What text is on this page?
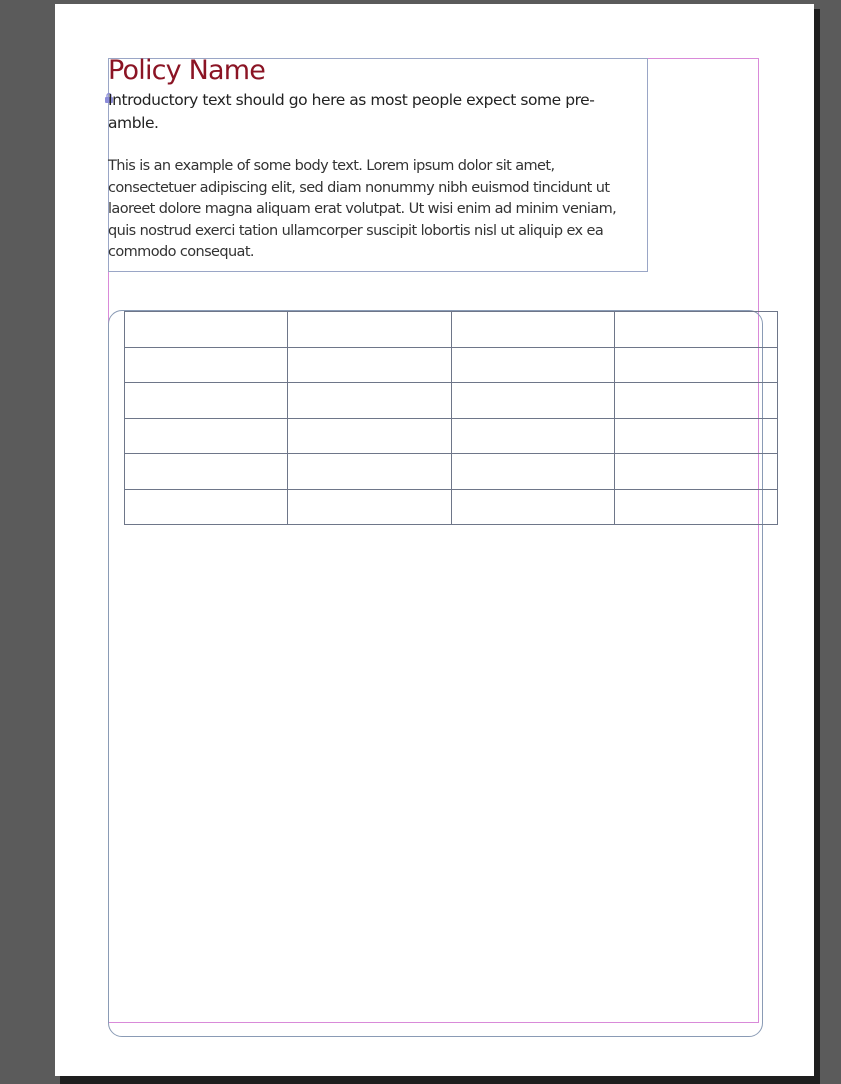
Policy Name

Introductory text should go here as most people expect some pre-amble.

This is an example of some body text. Lorem ipsum dolor sit amet, consectetuer adipiscing elit, sed diam nonummy nibh euismod tincidunt ut laoreet dolore magna aliquam erat volutpat. Ut wisi enim ad minim veniam, quis nostrud exerci tation ullamcorper suscipit lobortis nisl ut aliquip ex ea commodo consequat.
